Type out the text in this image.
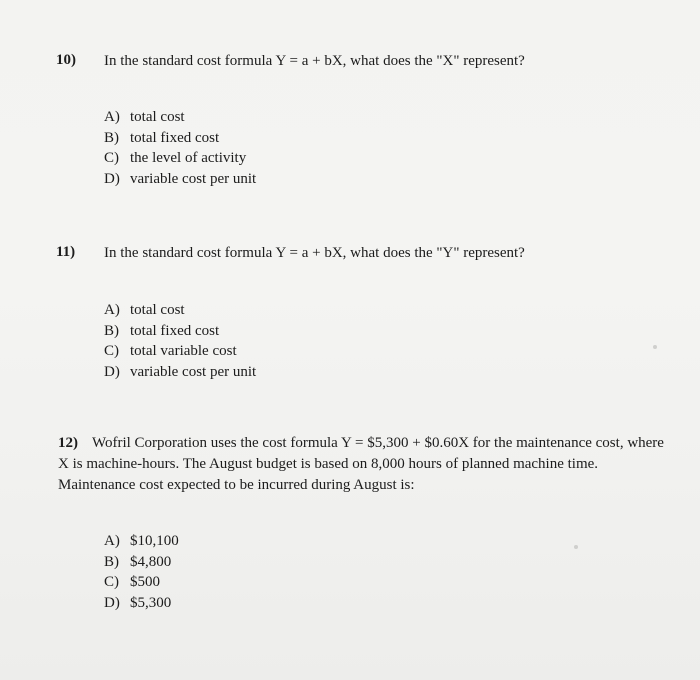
10) In the standard cost formula Y = a + bX, what does the "X" represent?
A) total cost
B) total fixed cost
C) the level of activity
D) variable cost per unit
11) In the standard cost formula Y = a + bX, what does the "Y" represent?
A) total cost
B) total fixed cost
C) total variable cost
D) variable cost per unit
12) Wofril Corporation uses the cost formula Y = $5,300 + $0.60X for the maintenance cost, where X is machine-hours. The August budget is based on 8,000 hours of planned machine time. Maintenance cost expected to be incurred during August is:
A) $10,100
B) $4,800
C) $500
D) $5,300
